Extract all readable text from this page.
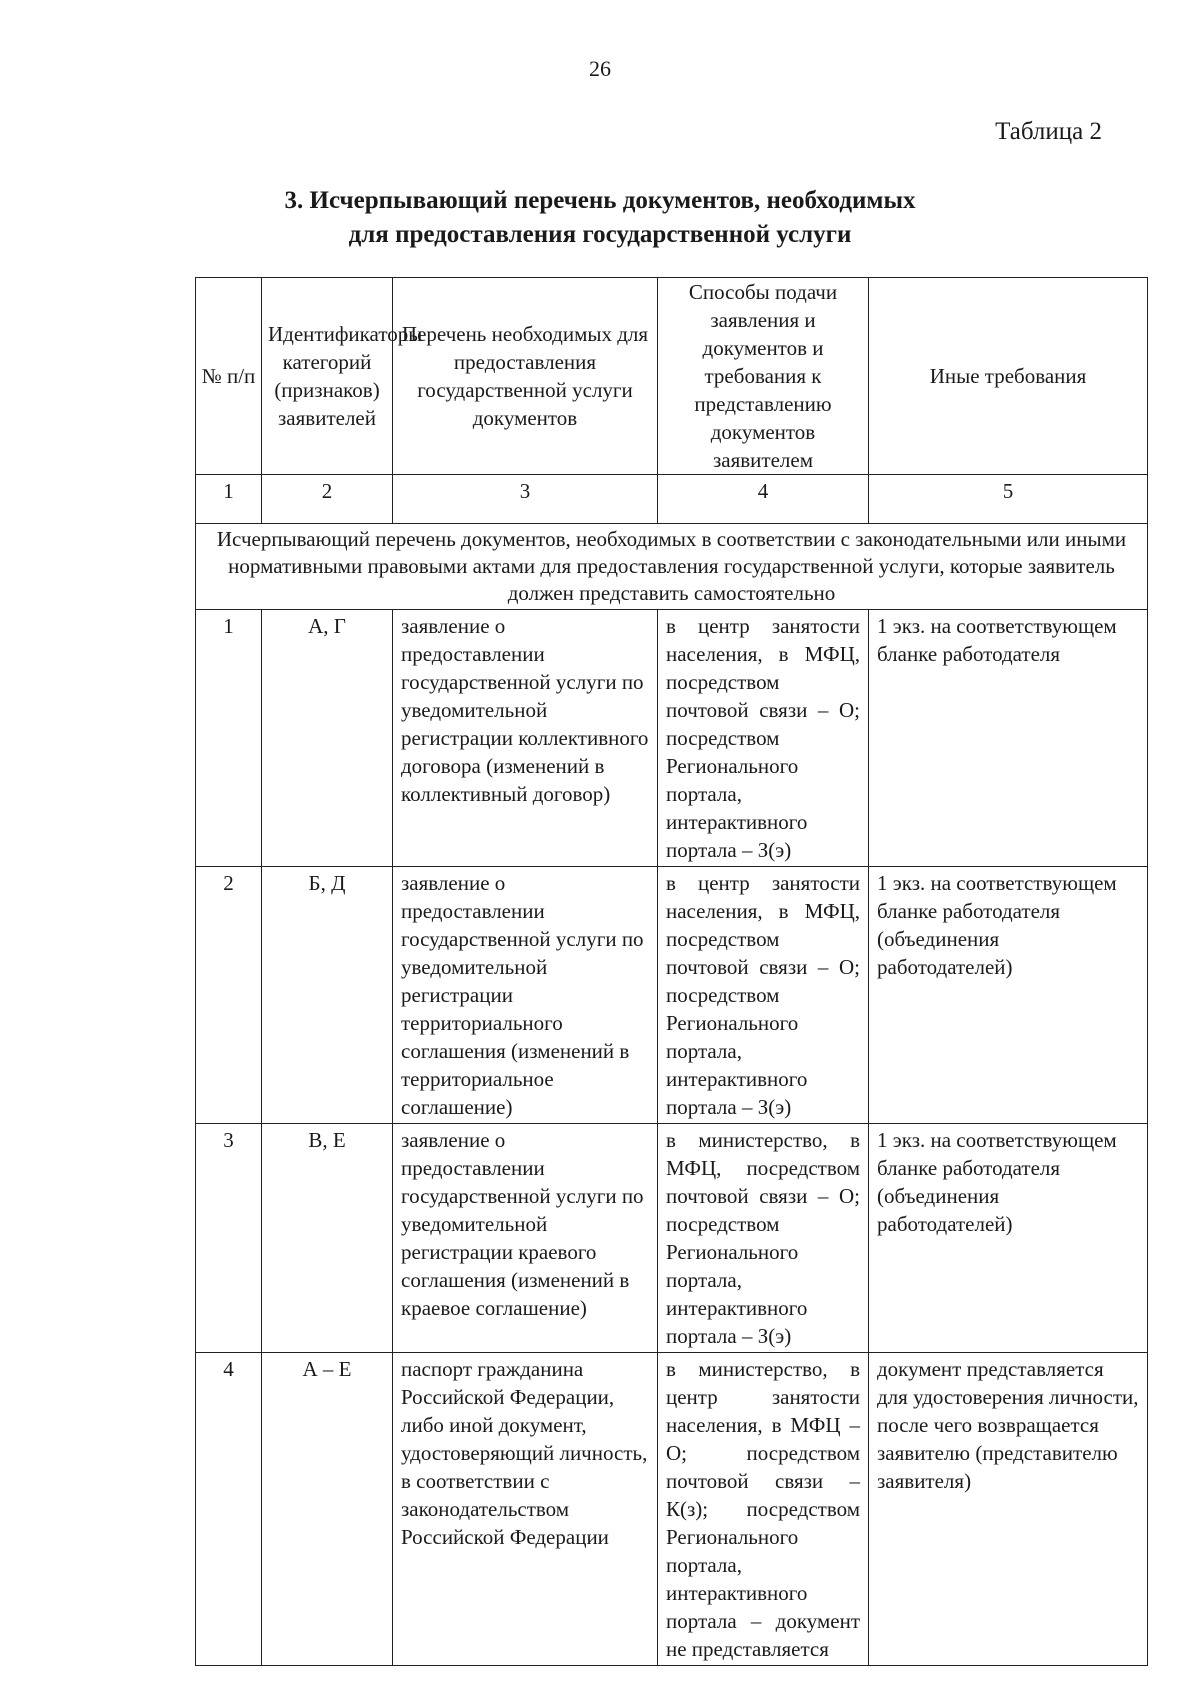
26
Таблица 2
3. Исчерпывающий перечень документов, необходимых
для предоставления государственной услуги
№ п/п	Идентификаторы категорий (признаков) заявителей	Перечень необходимых для предоставления государственной услуги документов	Способы подачи заявления и документов и требования к представлению документов заявителем	Иные требования
1	2	3	4	5
Исчерпывающий перечень документов, необходимых в соответствии с законодательными или иными нормативными правовыми актами для предоставления государственной услуги, которые заявитель должен представить самостоятельно				
1	А, Г	заявление о предоставлении государственной услуги по уведомительной регистрации коллективного договора (изменений в коллективный договор)	в центр занятости населения, в МФЦ, посредством почтовой связи – О; посредством Регионального портала, интерактивного портала – З(э)	1 экз. на соответствующем бланке работодателя
2	Б, Д	заявление о предоставлении государственной услуги по уведомительной регистрации территориального соглашения (изменений в территориальное соглашение)	в центр занятости населения, в МФЦ, посредством почтовой связи – О; посредством Регионального портала, интерактивного портала – З(э)	1 экз. на соответствующем бланке работодателя (объединения работодателей)
3	В, Е	заявление о предоставлении государственной услуги по уведомительной регистрации краевого соглашения (изменений в краевое соглашение)	в министерство, в МФЦ, посредством почтовой связи – О; посредством Регионального портала, интерактивного портала – З(э)	1 экз. на соответствующем бланке работодателя (объединения работодателей)
4	А – Е	паспорт гражданина Российской Федерации, либо иной документ, удостоверяющий личность, в соответствии с законодательством Российской Федерации	в министерство, в центр занятости населения, в МФЦ – О; посредством почтовой связи – К(з); посредством Регионального портала, интерактивного портала – документ не представляется	документ представляется для удостоверения личности, после чего возвращается заявителю (представителю заявителя)
